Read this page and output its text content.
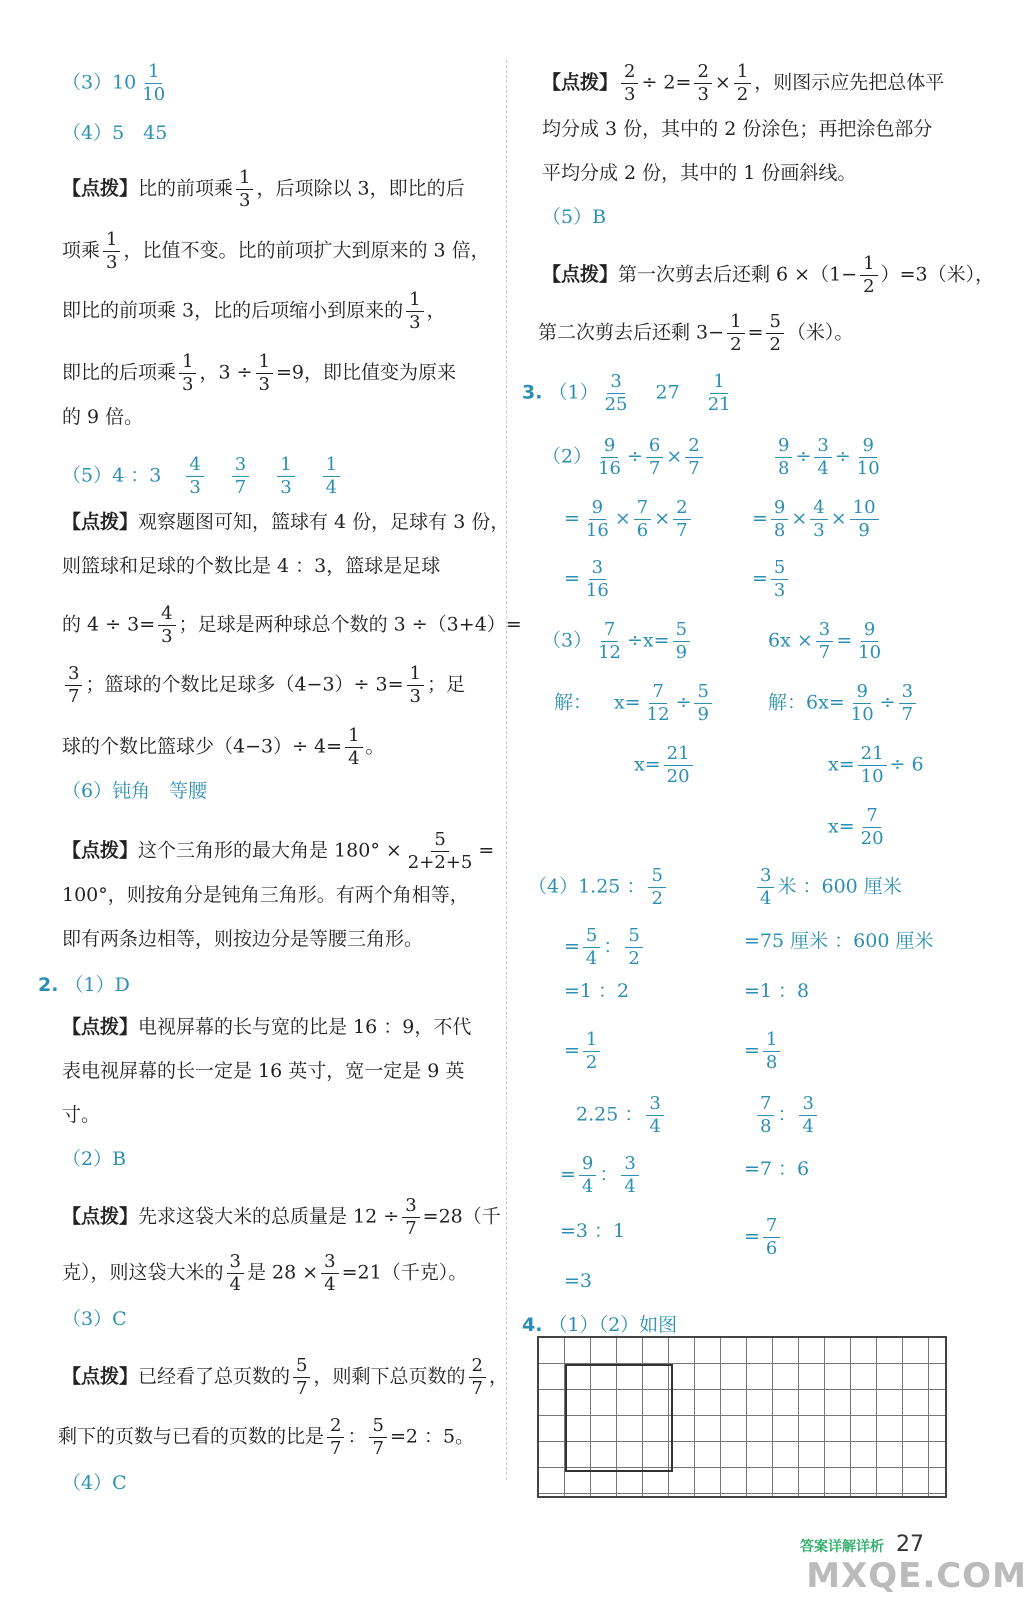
$(3)10 \frac{1}{10}$
（4）5　45
【点拨】比的前项乘 $\frac{1}{3}$ ，后项除以 3，即比的后
项乘 $\frac{1}{3}$ ，比值不变。比的前项扩大到原来的 3 倍，
即比的前项乘 3，比的后项缩小到原来的 $\frac{1}{3}$ ，
即比的后项乘 $\frac{1}{3}$ ，$3 \div \frac{1}{3} =9$，即比值变为原来
的 9 倍。
（5）4 ：$3 \frac{4}{3} \frac{3}{7} \frac{1}{3} \frac{1}{4}$
【点拨】观察题图可知，篮球有 4 份，足球有 3 份，
则篮球和足球的个数比是 4 ：3，篮球是足球
的 $4 \div 3= \frac{4}{3}$ ；足球是两种球总个数的 3 ÷（3+4）=
$\frac{3}{7}$ ；篮球的个数比足球多$(4-3)\div 3= \frac{1}{3}$ ；足
球的个数比篮球少$(4-3)\div 4= \frac{1}{4}$ 。
（6）钝角　等腰
【点拨】这个三角形的最大角是 $180^\circ \times \frac{5}{2+2+5}$ =
100°，则按角分是钝角三角形。有两个角相等，
即有两条边相等，则按边分是等腰三角形。
2. （1）D
【点拨】电视屏幕的长与宽的比是 16 ：9，不代
表电视屏幕的长一定是 16 英寸，宽一定是 9 英
寸。
（2）B
【点拨】先求这袋大米的总质量是 $12 \div \frac{3}{7} =28$（千
克），则这袋大米的 $\frac{3}{4}$ 是 $28 \times \frac{3}{4} =21$（千克）。
（3）C
【点拨】已经看了总页数的 $\frac{5}{7}$ ，则剩下总页数的 $\frac{2}{7}$ ，
剩下的页数与已看的页数的比是 $\frac{2}{7}$ ： $\frac{5}{7} =2$ ：5。
（4）C
【点拨】 $\frac{2}{3} \div 2= \frac{2}{3} \times \frac{1}{2}$ ，则图示应先把总体平
均分成 3 份，其中的 2 份涂色；再把涂色部分
平均分成 2 份，其中的 1 份画斜线。
（5）B
【点拨】第一次剪去后还剩 $6 \times(1- \frac{1}{2} )=3$（米），
第二次剪去后还剩 $3- \frac{1}{2} = \frac{5}{2}$ （米）。
3. $(1) \frac{3}{25} 27 \frac{1}{21}$
$(2) \frac{9}{16} \div \frac{6}{7} \times \frac{2}{7}$
= $\frac{9}{16} \times \frac{7}{6} \times \frac{2}{7}$
= $\frac{3}{16}$
$\frac{9}{8} \div \frac{3}{4} \div \frac{9}{10}$
= $\frac{9}{8} \times \frac{4}{3} \times \frac{10}{9}$
= $\frac{5}{3}$
$(3) \frac{7}{12} \div x= \frac{5}{9}$
解： $x= \frac{7}{12} \div \frac{5}{9}$
$x= \frac{21}{20}$
$6x \times \frac{3}{7} = \frac{9}{10}$
解：$6x= \frac{9}{10} \div \frac{3}{7}$
$x= \frac{21}{10} \div 6$
$x= \frac{7}{20}$
（4）1.25 ： $\frac{5}{2}$
= $\frac{5}{4}$ ： $\frac{5}{2}$
=1 ：2
= $\frac{1}{2}$
2.25 ： $\frac{3}{4}$
= $\frac{9}{4}$ ： $\frac{3}{4}$
=3 ：1
=3
$\frac{3}{4}$ 米 ：600 厘米
=75 厘米 ：600 厘米
=1 ：8
= $\frac{1}{8}$
$\frac{7}{8}$ ： $\frac{3}{4}$
=7 ：6
= $\frac{7}{6}$
4. （1）（2）如图
答案详解详析 27
MXQE.COM
